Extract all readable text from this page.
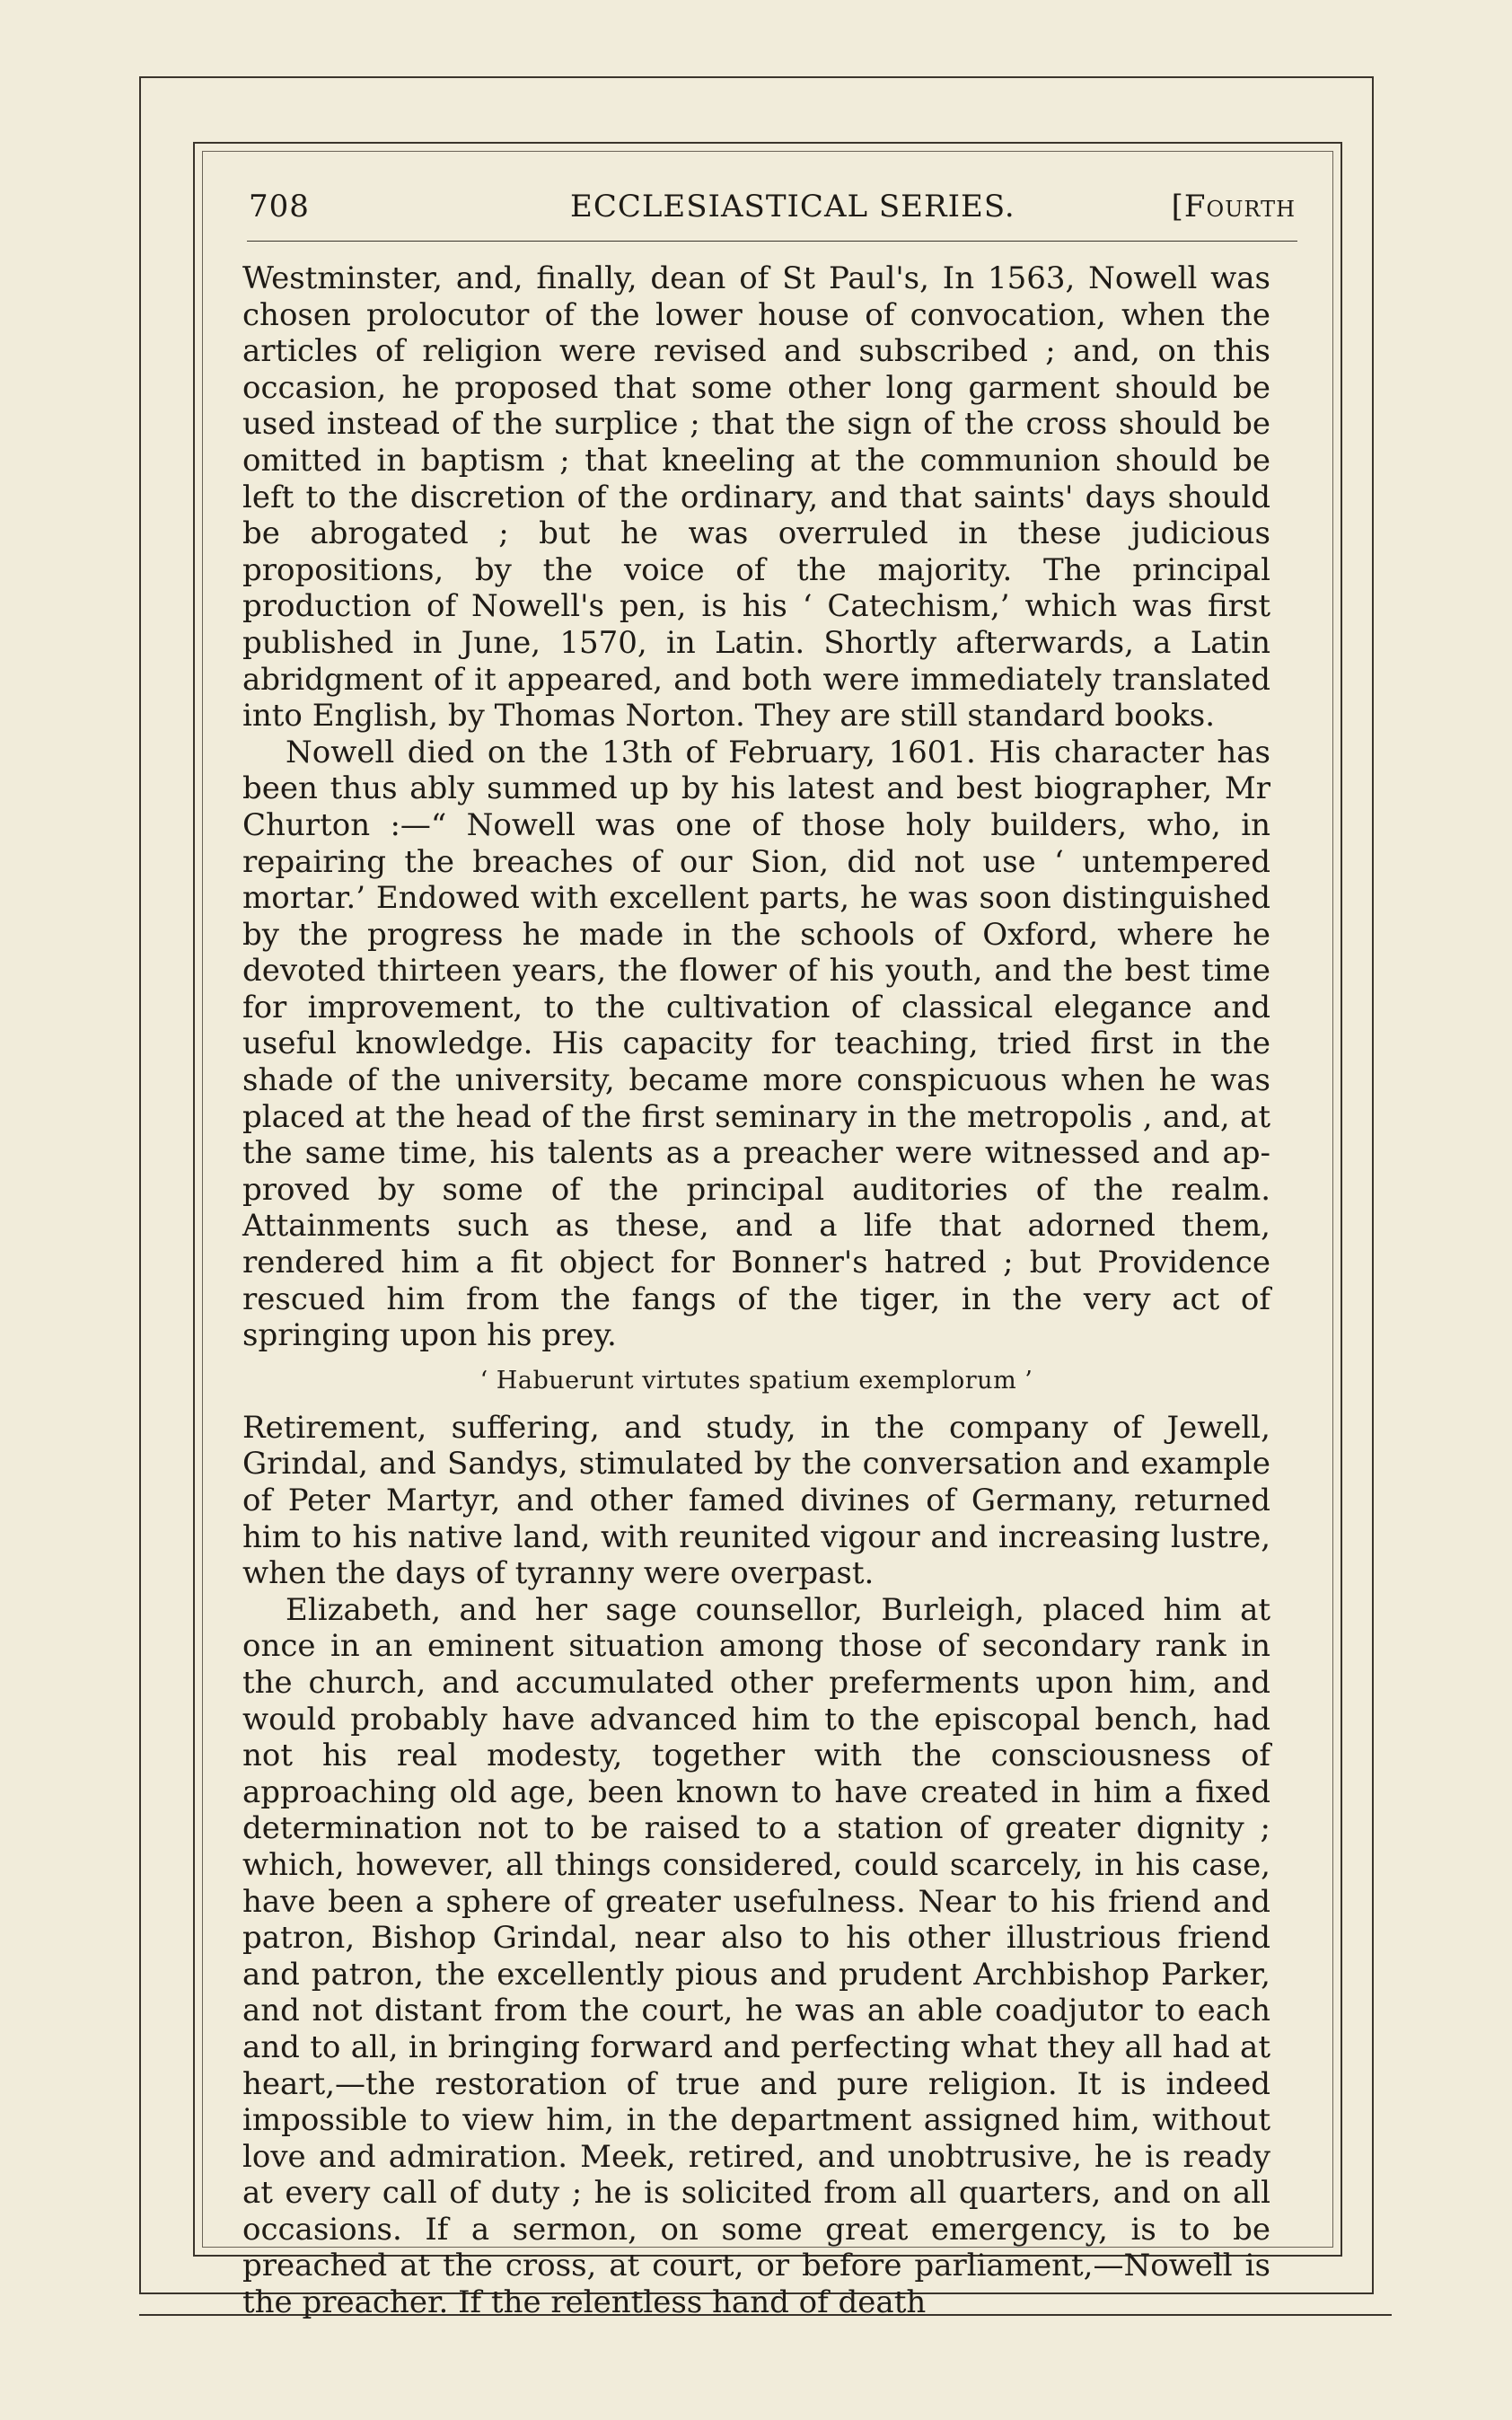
708	ECCLESIASTICAL SERIES.	[Fourth

Westminster, and, finally, dean of St Paul's, In 1563, Nowell was chosen prolocutor of the lower house of convocation, when the articles of religion were revised and subscribed ; and, on this occasion, he proposed that some other long garment should be used instead of the surplice ; that the sign of the cross should be omitted in baptism ; that kneeling at the communion should be left to the discretion of the ordinary, and that saints' days should be abrogated ; but he was overruled in these judicious propositions, by the voice of the majority. The principal production of Nowell's pen, is his ‘ Catechism,’ which was first published in June, 1570, in Latin. Shortly afterwards, a Latin abridgment of it appeared, and both were immediately translated into English, by Thomas Norton. They are still standard books.

Nowell died on the 13th of February, 1601. His character has been thus ably summed up by his latest and best biographer, Mr Churton :—“ Nowell was one of those holy builders, who, in repairing the breaches of our Sion, did not use ‘ untempered mortar.’ Endowed with excellent parts, he was soon distinguished by the progress he made in the schools of Oxford, where he devoted thirteen years, the flower of his youth, and the best time for improvement, to the cultivation of classical elegance and useful knowledge. His capacity for teaching, tried first in the shade of the university, became more conspicuous when he was placed at the head of the first seminary in the metropolis , and, at the same time, his talents as a preacher were witnessed and approved by some of the principal auditories of the realm. Attainments such as these, and a life that adorned them, rendered him a fit object for Bonner's hatred ; but Providence rescued him from the fangs of the tiger, in the very act of springing upon his prey.

‘ Habuerunt virtutes spatium exemplorum ’

Retirement, suffering, and study, in the company of Jewell, Grindal, and Sandys, stimulated by the conversation and example of Peter Martyr, and other famed divines of Germany, returned him to his native land, with reunited vigour and increasing lustre, when the days of tyranny were overpast.

Elizabeth, and her sage counsellor, Burleigh, placed him at once in an eminent situation among those of secondary rank in the church, and accumulated other preferments upon him, and would probably have advanced him to the episcopal bench, had not his real modesty, together with the consciousness of approaching old age, been known to have created in him a fixed determination not to be raised to a station of greater dignity ; which, however, all things considered, could scarcely, in his case, have been a sphere of greater usefulness. Near to his friend and patron, Bishop Grindal, near also to his other illustrious friend and patron, the excellently pious and prudent Archbishop Parker, and not distant from the court, he was an able coadjutor to each and to all, in bringing forward and perfecting what they all had at heart,—the restoration of true and pure religion. It is indeed impossible to view him, in the department assigned him, without love and admiration. Meek, retired, and unobtrusive, he is ready at every call of duty ; he is solicited from all quarters, and on all occasions. If a sermon, on some great emergency, is to be preached at the cross, at court, or before parliament,—Nowell is the preacher. If the relentless hand of death
